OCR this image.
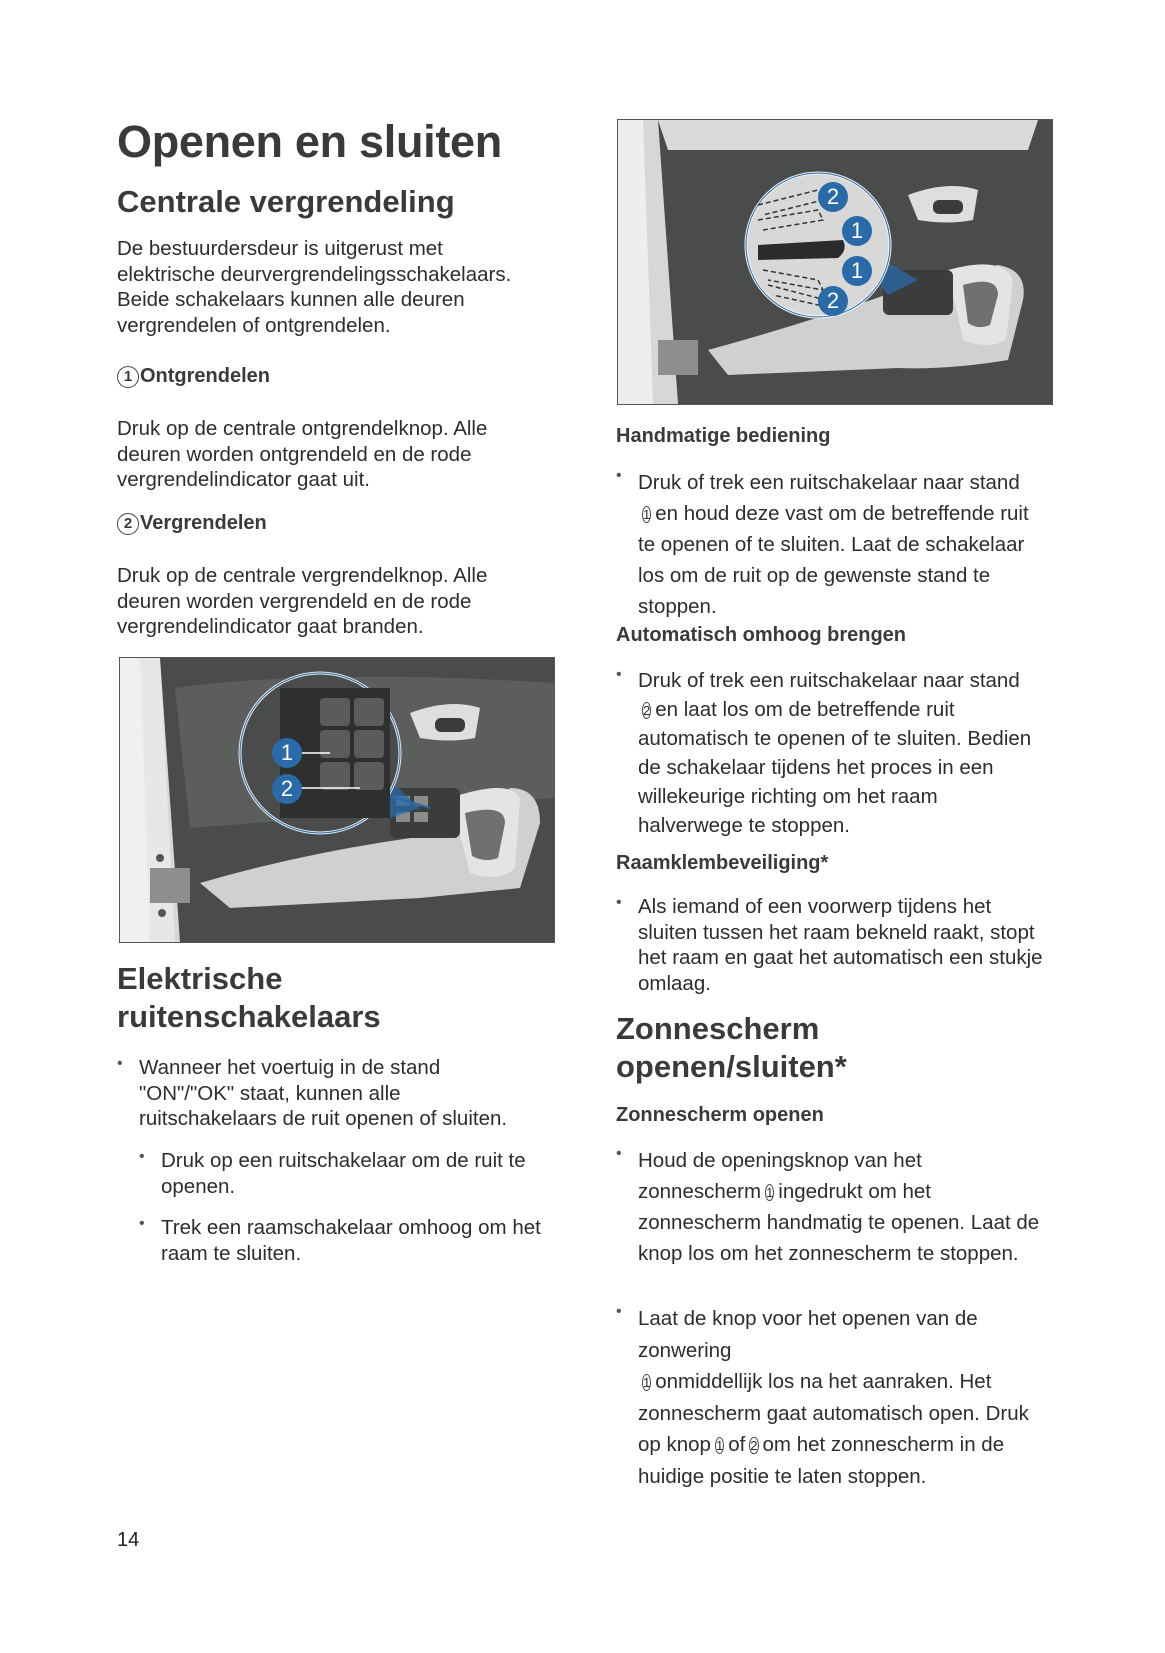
Openen en sluiten
Centrale vergrendeling
De bestuurdersdeur is uitgerust met elektrische deurvergrendelingsschakelaars. Beide schakelaars kunnen alle deuren vergrendelen of ontgrendelen.
1 Ontgrendelen
Druk op de centrale ontgrendelknop. Alle deuren worden ontgrendeld en de rode vergrendelindicator gaat uit.
2 Vergrendelen
Druk op de centrale vergrendelknop. Alle deuren worden vergrendeld en de rode vergrendelindicator gaat branden.
1
2
Elektrische ruitenschakelaars
• Wanneer het voertuig in de stand "ON"/"OK" staat, kunnen alle ruitschakelaars de ruit openen of sluiten.
• Druk op een ruitschakelaar om de ruit te openen.
• Trek een raamschakelaar omhoog om het raam te sluiten.
2
1
1
2
Handmatige bediening
• Druk of trek een ruitschakelaar naar stand
1 en houd deze vast om de betreffende ruit te openen of te sluiten. Laat de schakelaar los om de ruit op de gewenste stand te stoppen.
Automatisch omhoog brengen
• Druk of trek een ruitschakelaar naar stand
2 en laat los om de betreffende ruit automatisch te openen of te sluiten. Bedien de schakelaar tijdens het proces in een willekeurige richting om het raam halverwege te stoppen.
Raamklembeveiliging*
• Als iemand of een voorwerp tijdens het sluiten tussen het raam bekneld raakt, stopt het raam en gaat het automatisch een stukje omlaag.
Zonnescherm openen/sluiten*
Zonnescherm openen
• Houd de openingsknop van het zonnescherm 1 ingedrukt om het zonnescherm handmatig te openen. Laat de knop los om het zonnescherm te stoppen.
• Laat de knop voor het openen van de zonwering
1 onmiddellijk los na het aanraken. Het zonnescherm gaat automatisch open. Druk op knop 1 of 2 om het zonnescherm in de huidige positie te laten stoppen.
14
